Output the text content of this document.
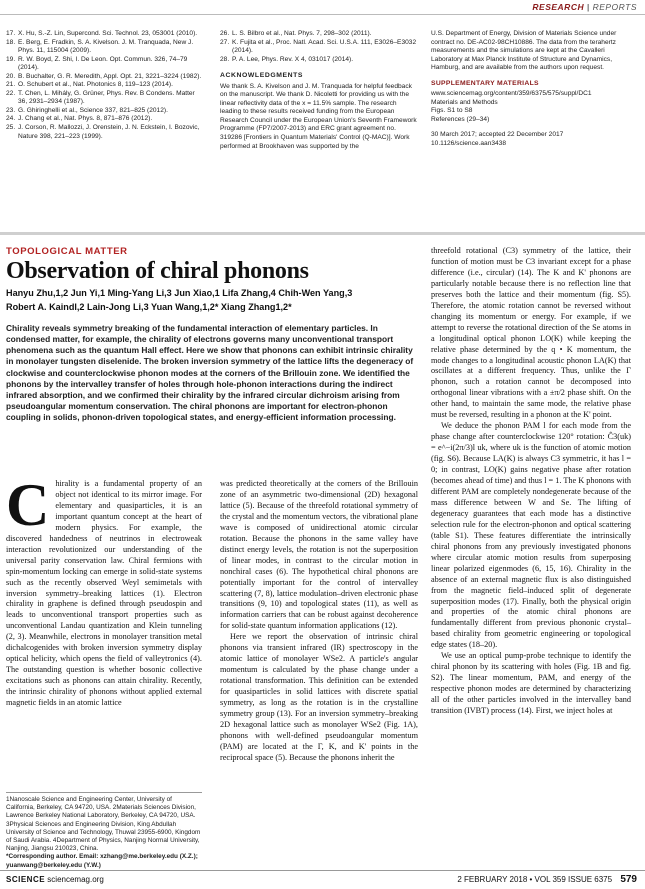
RESEARCH | REPORTS
17. X. Hu, S.-Z. Lin, Supercond. Sci. Technol. 23, 053001 (2010).
18. E. Berg, E. Fradkin, S. A. Kivelson. J. M. Tranquada, New J. Phys. 11, 115004 (2009).
19. R. W. Boyd, Z. Shi, I. De Leon. Opt. Commun. 326, 74–79 (2014).
20. B. Buchalter, G. R. Meredith, Appl. Opt. 21, 3221–3224 (1982).
21. O. Schubert et al., Nat. Photonics 8, 119–123 (2014).
22. T. Chen, L. Mihály, G. Grüner, Phys. Rev. B Condens. Matter 36, 2931–2934 (1987).
23. G. Ghiringhelli et al., Science 337, 821–825 (2012).
24. J. Chang et al., Nat. Phys. 8, 871–876 (2012).
25. J. Corson, R. Mallozzi, J. Orenstein, J. N. Eckstein, I. Bozovic, Nature 398, 221–223 (1999).
26. L. S. Bilbro et al., Nat. Phys. 7, 298–302 (2011).
27. K. Fujita et al., Proc. Natl. Acad. Sci. U.S.A. 111, E3026–E3032 (2014).
28. P. A. Lee, Phys. Rev. X 4, 031017 (2014).
ACKNOWLEDGMENTS
We thank S. A. Kivelson and J. M. Tranquada for helpful feedback on the manuscript. We thank D. Nicoletti for providing us with the linear reflectivity data of the x = 11.5% sample. The research leading to these results received funding from the European Research Council under the European Union's Seventh Framework Programme (FP7/2007-2013) and ERC grant agreement no. 319286 [Frontiers in Quantum Materials' Control (Q-MAC)]. Work performed at Brookhaven was supported by the
U.S. Department of Energy, Division of Materials Science under contract no. DE-AC02-98CH10886. The data from the terahertz measurements and the simulations are kept at the Cavalleri Laboratory at Max Planck Institute of Structure and Dynamics, Hamburg, and are available from the authors upon request.
SUPPLEMENTARY MATERIALS
www.sciencemag.org/content/359/6375/575/suppl/DC1
Materials and Methods
Figs. S1 to S8
References (29–34)
30 March 2017; accepted 22 December 2017
10.1126/science.aan3438
TOPOLOGICAL MATTER
Observation of chiral phonons
Hanyu Zhu,1,2 Jun Yi,1 Ming-Yang Li,3 Jun Xiao,1 Lifa Zhang,4 Chih-Wen Yang,3
Robert A. Kaindl,2 Lain-Jong Li,3 Yuan Wang,1,2* Xiang Zhang1,2*
Chirality reveals symmetry breaking of the fundamental interaction of elementary particles. In condensed matter, for example, the chirality of electrons governs many unconventional transport phenomena such as the quantum Hall effect. Here we show that phonons can exhibit intrinsic chirality in monolayer tungsten diselenide. The broken inversion symmetry of the lattice lifts the degeneracy of clockwise and counterclockwise phonon modes at the corners of the Brillouin zone. We identified the phonons by the intervalley transfer of holes through hole-phonon interactions during the indirect infrared absorption, and we confirmed their chirality by the infrared circular dichroism arising from pseudoangular momentum conservation. The chiral phonons are important for electron-phonon coupling in solids, phonon-driven topological states, and energy-efficient information processing.

Chirality is a fundamental property of an object not identical to its mirror image. For elementary and quasiparticles, it is an important quantum concept at the heart of modern physics. For example, the discovered handedness of neutrinos in electroweak interaction revolutionized our understanding of the universal parity conservation law. Chiral fermions with spin-momentum locking can emerge in solid-state systems such as the recently observed Weyl semimetals with inversion symmetry–breaking lattices (1). Electron chirality in graphene is defined through pseudospin and leads to unconventional transport properties such as unconventional Landau quantization and Klein tunneling (2, 3). Meanwhile, electrons in monolayer transition metal dichalcogenides with broken inversion symmetry display optical helicity, which opens the field of valleytronics (4). The outstanding question is whether bosonic collective excitations such as phonons can attain chirality. Recently, the intrinsic chirality of phonons without applied external magnetic fields in an atomic lattice

1Nanoscale Science and Engineering Center, University of California, Berkeley, CA 94720, USA. 2Materials Sciences Division, Lawrence Berkeley National Laboratory, Berkeley, CA 94720, USA. 3Physical Sciences and Engineering Division, King Abdullah University of Science and Technology, Thuwal 23955-6900, Kingdom of Saudi Arabia. 4Department of Physics, Nanjing Normal University, Nanjing, Jiangsu 210023, China.
*Corresponding author. Email: xzhang@me.berkeley.edu (X.Z.); yuanwang@berkeley.edu (Y.W.)

was predicted theoretically at the corners of the Brillouin zone of an asymmetric two-dimensional (2D) hexagonal lattice (5). Because of the threefold rotational symmetry of the crystal and the momentum vectors, the vibrational plane wave is composed of unidirectional atomic circular rotation. Because the phonons in the same valley have distinct energy levels, the rotation is not the superposition of linear modes, in contrast to the circular motion in nonchiral cases (6). The hypothetical chiral phonons are potentially important for the control of intervalley scattering (7, 8), lattice modulation–driven electronic phase transitions (9, 10) and topological states (11), as well as information carriers that can be robust against decoherence for solid-state quantum information applications (12).

Here we report the observation of intrinsic chiral phonons via transient infrared (IR) spectroscopy in the atomic lattice of monolayer WSe2. A particle's angular momentum is calculated by the phase change under a rotational transformation. This definition can be extended for quasiparticles in solid lattices with discrete spatial symmetry, as long as the rotation is in the crystalline symmetry group (13). For an inversion symmetry–breaking 2D hexagonal lattice such as monolayer WSe2 (Fig. 1A), phonons with well-defined pseudoangular momentum (PAM) are located at the Γ, K, and K' points in the reciprocal space (5). Because the phonons inherit the

threefold rotational (C3) symmetry of the lattice, their function of motion must be C3 invariant except for a phase difference (i.e., circular) (14). The K and K' phonons are particularly notable because there is no reflection line that preserves both the lattice and their momentum (fig. S5). Therefore, the atomic rotation cannot be reversed without changing its momentum or energy. For example, if we attempt to reverse the rotational direction of the Se atoms in a longitudinal optical phonon LO(K) while keeping the relative phase determined by the q • K momentum, the mode changes to a longitudinal acoustic phonon LA(K) that oscillates at a different frequency. Thus, unlike the Γ phonon, such a rotation cannot be decomposed into orthogonal linear vibrations with a ±π/2 phase shift. On the other hand, to maintain the same mode, the relative phase must be reversed, resulting in a phonon at the K' point.

We deduce the phonon PAM l for each mode from the phase change after counterclockwise 120° rotation: Ĉ3(uk) = e^−i(2π/3)l uk, where uk is the function of atomic motion (fig. S6). Because LA(K) is always C3 symmetric, it has l = 0; in contrast, LO(K) gains negative phase after rotation (becomes ahead of time) and thus l = 1. The K phonons with different PAM are completely nondegenerate because of the mass difference between W and Se. The lifting of degeneracy guarantees that each mode has a distinctive selection rule for the electron-phonon and optical scattering (table S1). These features differentiate the intrinsically chiral phonons from any previously investigated phonons where circular atomic motion results from superposing linear polarized eigenmodes (6, 15, 16). Chirality in the absence of an external magnetic flux is also distinguished from the magnetic field–induced split of degenerate superposition modes (17). Finally, both the physical origin and properties of the atomic chiral phonons are fundamentally different from previous phononic crystal–based chirality from geometric engineering or topological edge states (18–20).

We use an optical pump-probe technique to identify the chiral phonon by its scattering with holes (Fig. 1B and fig. S2). The linear momentum, PAM, and energy of the respective phonon modes are determined by characterizing all of the other particles involved in the intervalley band transition (IVBT) process (14). First, we inject holes at

SCIENCE sciencemag.org	2 FEBRUARY 2018 • VOL 359 ISSUE 6375 579
